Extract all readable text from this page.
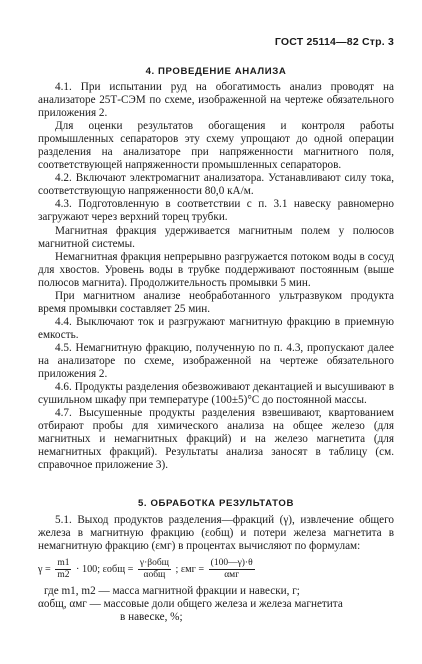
ГОСТ 25114—82 Стр. 3
4. ПРОВЕДЕНИЕ АНАЛИЗА

4.1. При испытании руд на обогатимость анализ проводят на анализаторе 25Т-СЭМ по схеме, изображенной на чертеже обязательного приложения 2.

Для оценки результатов обогащения и контроля работы промышленных сепараторов эту схему упрощают до одной операции разделения на анализаторе при напряженности магнитного поля, соответствующей напряженности промышленных сепараторов.

4.2. Включают электромагнит анализатора. Устанавливают силу тока, соответствующую напряженности 80,0 кА/м.

4.3. Подготовленную в соответствии с п. 3.1 навеску равномерно загружают через верхний торец трубки.

Магнитная фракция удерживается магнитным полем у полюсов магнитной системы.

Немагнитная фракция непрерывно разгружается потоком воды в сосуд для хвостов. Уровень воды в трубке поддерживают постоянным (выше полюсов магнита). Продолжительность промывки 5 мин.

При магнитном анализе необработанного ультразвуком продукта время промывки составляет 25 мин.

4.4. Выключают ток и разгружают магнитную фракцию в приемную емкость.

4.5. Немагнитную фракцию, полученную по п. 4.3, пропускают далее на анализаторе по схеме, изображенной на чертеже обязательного приложения 2.

4.6. Продукты разделения обезвоживают декантацией и высушивают в сушильном шкафу при температуре (100±5)°C до постоянной массы.

4.7. Высушенные продукты разделения взвешивают, квартованием отбирают пробы для химического анализа на общее железо (для магнитных и немагнитных фракций) и на железо магнетита (для немагнитных фракций). Результаты анализа заносят в таблицу (см. справочное приложение 3).

5. ОБРАБОТКА РЕЗУЛЬТАТОВ

5.1. Выход продуктов разделения—фракций (γ), извлечение общего железа в магнитную фракцию (εобщ) и потери железа магнетита в немагнитную фракцию (εмг) в процентах вычисляют по формулам:

$\gamma = \frac{m1}{m2} \cdot 100$; $\varepsilon общ = \frac{\text{γ·βобщ}}{\text{αобщ}}$ ; $\varepsilon мг = \frac{(100—\gamma)\cdot\theta}{\text{αмг}}$
где m1, m2 — масса магнитной фракции и навески, г;
αобщ, αмг — массовые доли общего железа и железа магнетита
в навеске, %;
